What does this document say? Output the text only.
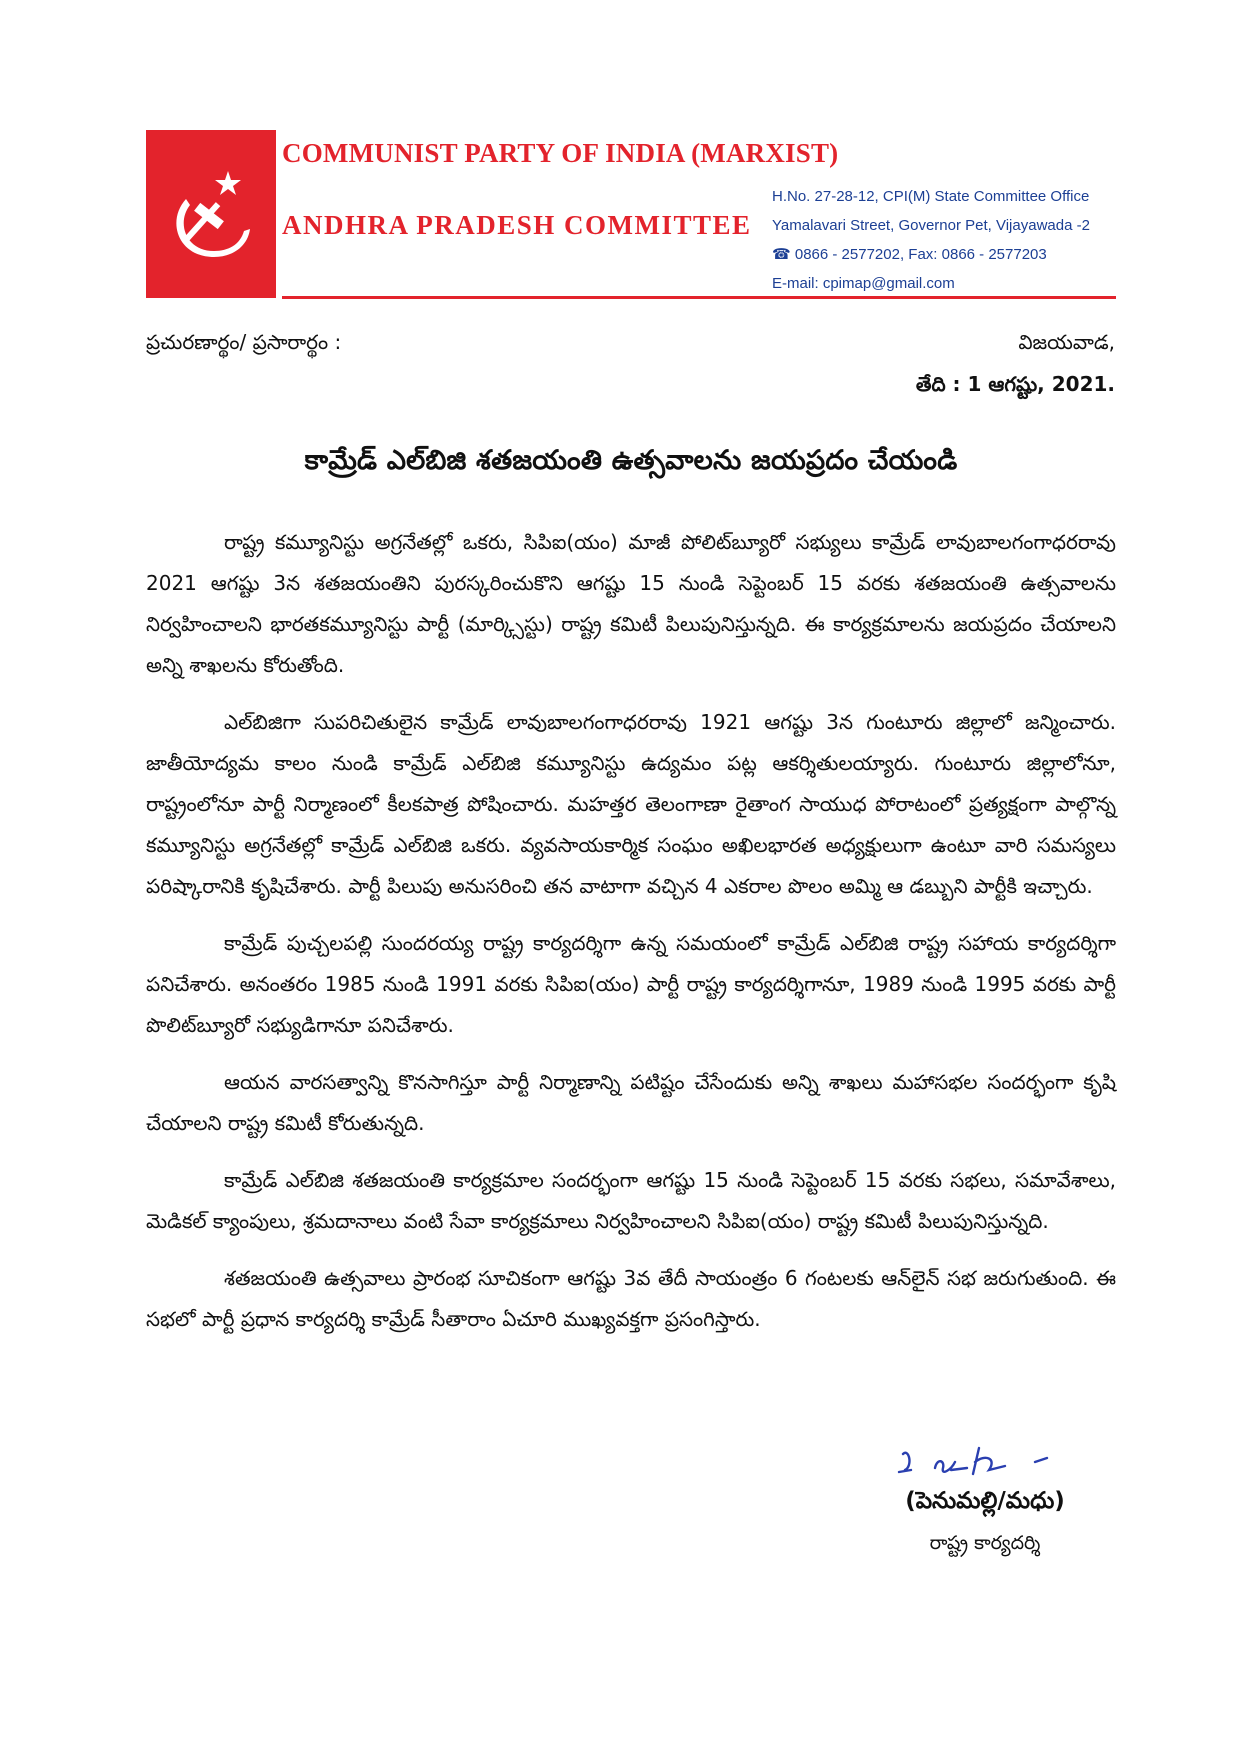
COMMUNIST PARTY OF INDIA (MARXIST)
ANDHRA PRADESH COMMITTEE
H.No. 27-28-12, CPI(M) State Committee Office
Yamalavari Street, Governor Pet, Vijayawada -2
☎ 0866 - 2577202, Fax: 0866 - 2577203
E-mail: cpimap@gmail.com
ప్రచురణార్థం/ ప్రసారార్థం :	విజయవాడ,
తేది : 1 ఆగష్టు, 2021.
కామ్రేడ్ ఎల్‌బిజి శతజయంతి ఉత్సవాలను జయప్రదం చేయండి

రాష్ట్ర కమ్యూనిస్టు అగ్రనేతల్లో ఒకరు, సిపిఐ(యం) మాజీ పోలిట్‌బ్యూరో సభ్యులు కామ్రేడ్ లావుబాలగంగాధరరావు 2021 ఆగష్టు 3న శతజయంతిని పురస్కరించుకొని ఆగష్టు 15 నుండి సెప్టెంబర్ 15 వరకు శతజయంతి ఉత్సవాలను నిర్వహించాలని భారతకమ్యూనిస్టు పార్టీ (మార్క్సిస్టు) రాష్ట్ర కమిటీ పిలుపునిస్తున్నది. ఈ కార్యక్రమాలను జయప్రదం చేయాలని అన్ని శాఖలను కోరుతోంది.

ఎల్‌బిజిగా సుపరిచితులైన కామ్రేడ్ లావుబాలగంగాధరరావు 1921 ఆగష్టు 3న గుంటూరు జిల్లాలో జన్మించారు. జాతీయోద్యమ కాలం నుండి కామ్రేడ్ ఎల్‌బిజి కమ్యూనిస్టు ఉద్యమం పట్ల ఆకర్శితులయ్యారు. గుంటూరు జిల్లాలోనూ, రాష్ట్రంలోనూ పార్టీ నిర్మాణంలో కీలకపాత్ర పోషించారు. మహత్తర తెలంగాణా రైతాంగ సాయుధ పోరాటంలో ప్రత్యక్షంగా పాల్గొన్న కమ్యూనిస్టు అగ్రనేతల్లో కామ్రేడ్ ఎల్‌బిజి ఒకరు. వ్యవసాయకార్మిక సంఘం అఖిలభారత అధ్యక్షులుగా ఉంటూ వారి సమస్యలు పరిష్కారానికి కృషిచేశారు. పార్టీ పిలుపు అనుసరించి తన వాటాగా వచ్చిన 4 ఎకరాల పొలం అమ్మి ఆ డబ్బుని పార్టీకి ఇచ్చారు.

కామ్రేడ్ పుచ్చలపల్లి సుందరయ్య రాష్ట్ర కార్యదర్శిగా ఉన్న సమయంలో కామ్రేడ్ ఎల్‌బిజి రాష్ట్ర సహాయ కార్యదర్శిగా పనిచేశారు. అనంతరం 1985 నుండి 1991 వరకు సిపిఐ(యం) పార్టీ రాష్ట్ర కార్యదర్శిగానూ, 1989 నుండి 1995 వరకు పార్టీ పొలిట్‌బ్యూరో సభ్యుడిగానూ పనిచేశారు.

ఆయన వారసత్వాన్ని కొనసాగిస్తూ పార్టీ నిర్మాణాన్ని పటిష్టం చేసేందుకు అన్ని శాఖలు మహాసభల సందర్భంగా కృషి చేయాలని రాష్ట్ర కమిటీ కోరుతున్నది.

కామ్రేడ్ ఎల్‌బిజి శతజయంతి కార్యక్రమాల సందర్భంగా ఆగష్టు 15 నుండి సెప్టెంబర్ 15 వరకు సభలు, సమావేశాలు, మెడికల్ క్యాంపులు, శ్రమదానాలు వంటి సేవా కార్యక్రమాలు నిర్వహించాలని సిపిఐ(యం) రాష్ట్ర కమిటీ పిలుపునిస్తున్నది.

శతజయంతి ఉత్సవాలు ప్రారంభ సూచికంగా ఆగష్టు 3వ తేదీ సాయంత్రం 6 గంటలకు ఆన్‌లైన్ సభ జరుగుతుంది. ఈ సభలో పార్టీ ప్రధాన కార్యదర్శి కామ్రేడ్ సీతారాం ఏచూరి ముఖ్యవక్తగా ప్రసంగిస్తారు.

(పెనుమల్లి/మధు)
రాష్ట్ర కార్యదర్శి
